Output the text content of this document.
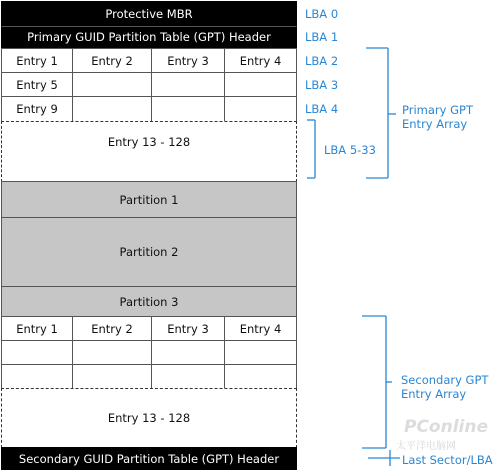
Protective MBR
Primary GUID Partition Table (GPT) Header
Entry 1	Entry 2	Entry 3	Entry 4
Entry 5
Entry 9
Entry 13 - 128
Partition 1
Partition 2
Partition 3
Entry 1	Entry 2	Entry 3	Entry 4
Entry 13 - 128
Secondary GUID Partition Table (GPT) Header
LBA 0
LBA 1
LBA 2
LBA 3
LBA 4
LBA 5-33
Primary GPT
Entry Array
Secondary GPT
Entry Array
Last Sector/LBA
PConline
太平洋电脑网
